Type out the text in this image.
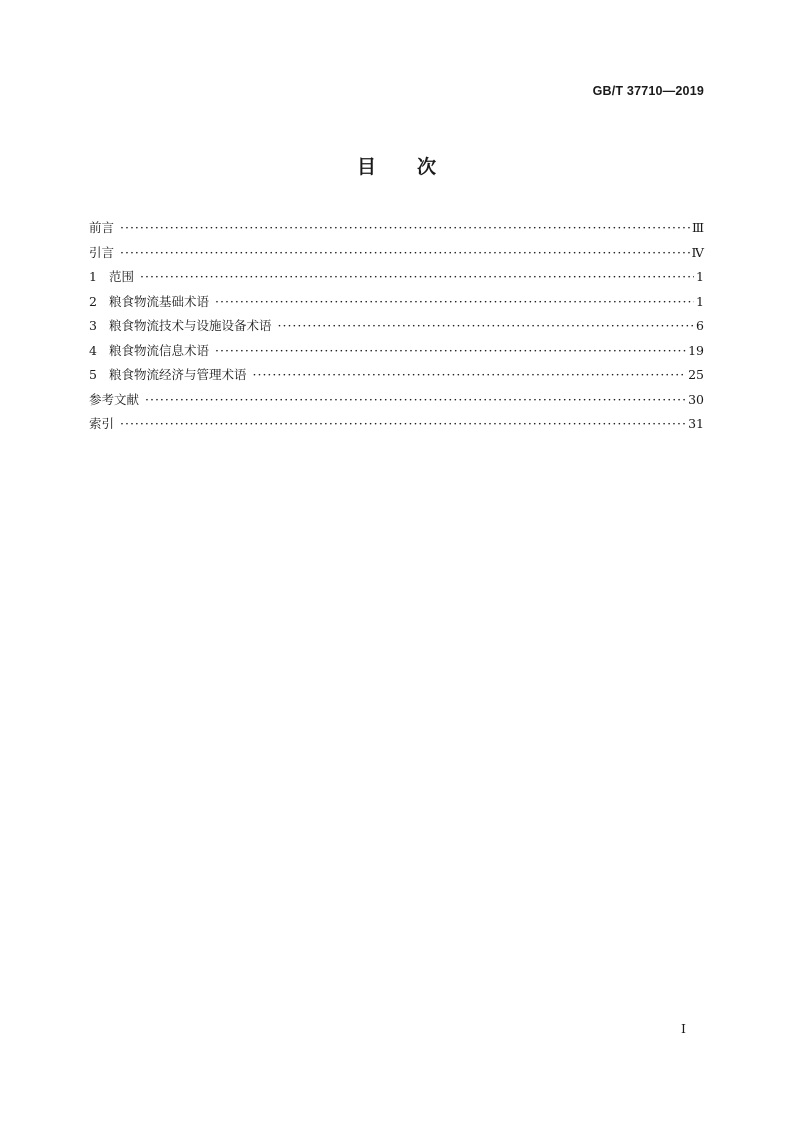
GB/T 37710—2019
目 次
前言 ·····	Ⅲ
引言 ·····	Ⅳ
1 范围 ·····	1
2 粮食物流基础术语 ·····	1
3 粮食物流技术与设施设备术语 ·····	6
4 粮食物流信息术语 ·····	19
5 粮食物流经济与管理术语 ·····	25
参考文献 ·····	30
索引 ·····	31
Ⅰ
